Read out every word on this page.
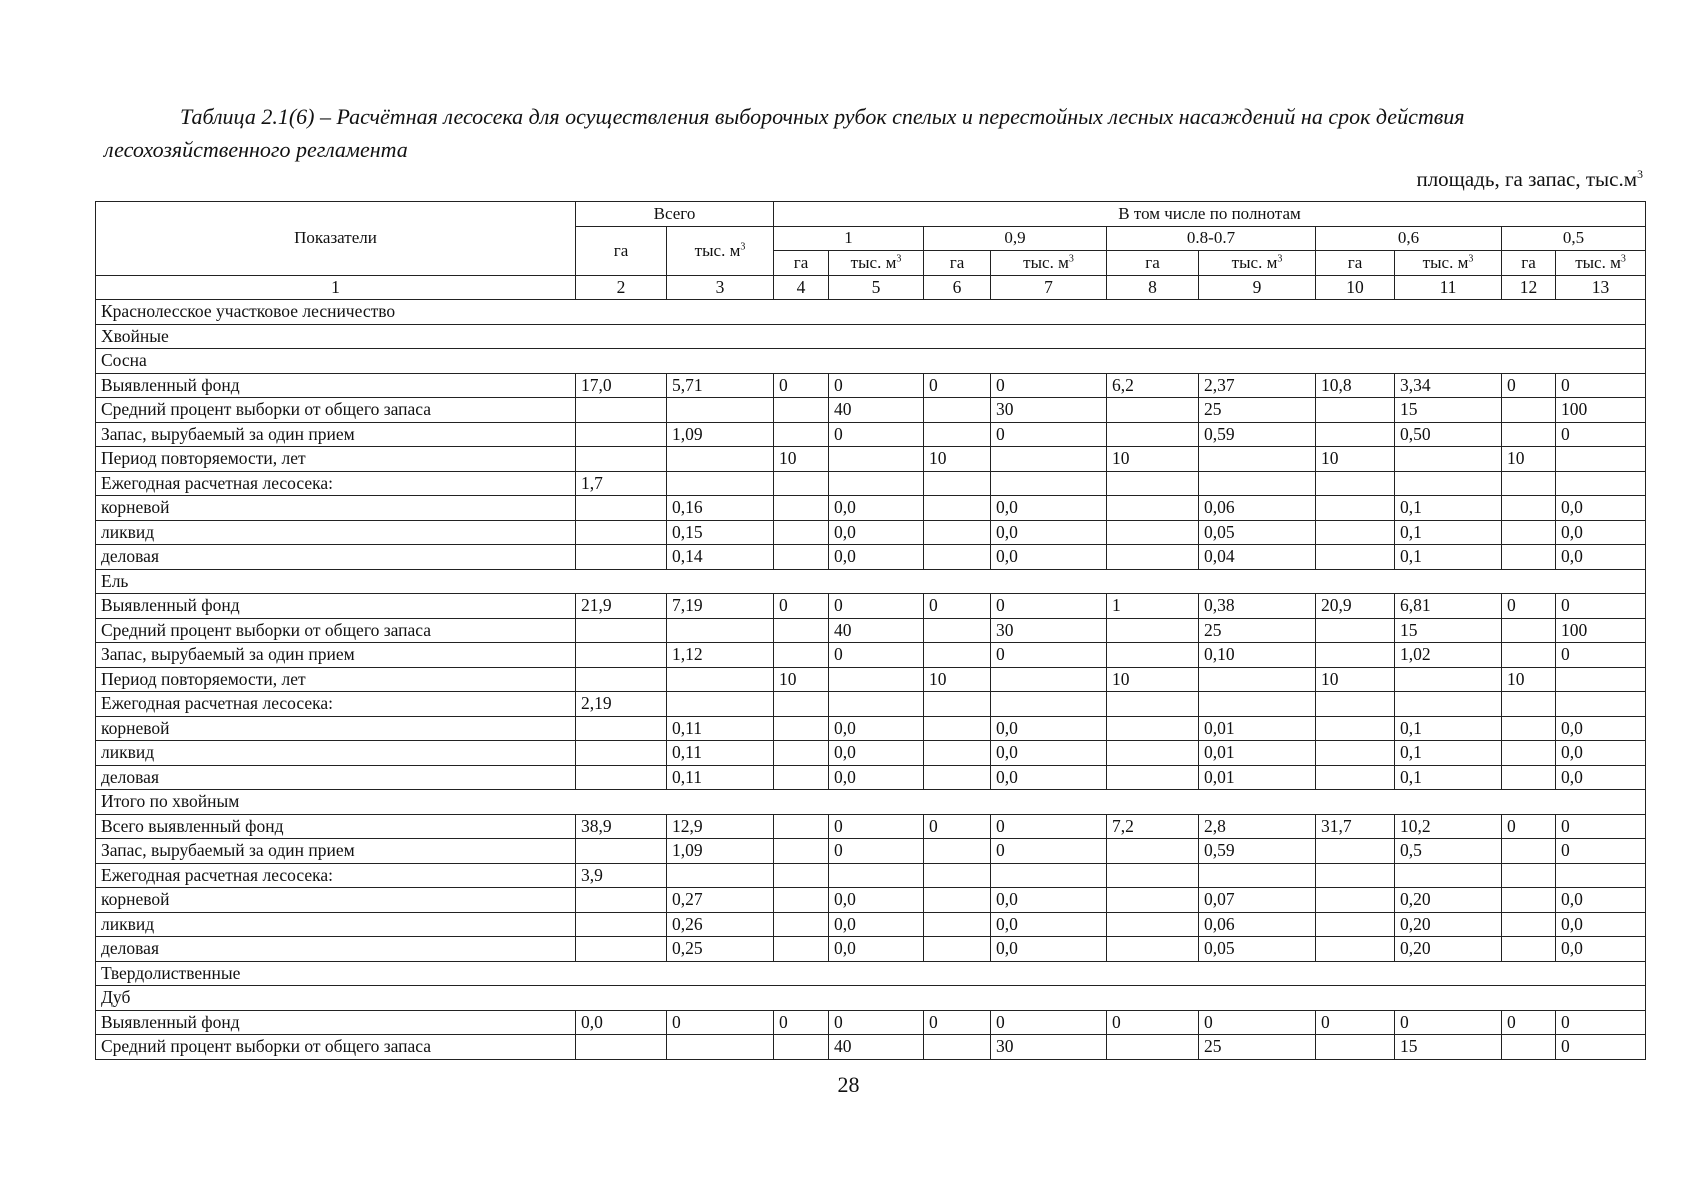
Таблица 2.1(6) – Расчётная лесосека для осуществления выборочных рубок спелых и перестойных лесных насаждений на срок действия
лесохозяйственного регламента
площадь, га запас, $тыс.м^3$
Показатели	Всего		В том числе по полнотам									
	га	тыс. $м^3$	1		0,9		0.8-0.7		0,6		0,5	
			га	тыс. $м^3$	га	тыс. $м^3$	га	тыс. $м^3$	га	тыс. $м^3$	га	тыс. $м^3$
1	2	3	4	5	6	7	8	9	10	11	12	13
Краснолесское участковое лесничество												
Хвойные												
Сосна												
Выявленный фонд	17,0	5,71	0	0	0	0	6,2	2,37	10,8	3,34	0	0
Средний процент выборки от общего запаса				40		30		25		15		100
Запас, вырубаемый за один прием		1,09		0		0		0,59		0,50		0
Период повторяемости, лет			10		10		10		10		10	
Ежегодная расчетная лесосека:	1,7											
корневой		0,16		0,0		0,0		0,06		0,1		0,0
ликвид		0,15		0,0		0,0		0,05		0,1		0,0
деловая		0,14		0,0		0,0		0,04		0,1		0,0
Ель												
Выявленный фонд	21,9	7,19	0	0	0	0	1	0,38	20,9	6,81	0	0
Средний процент выборки от общего запаса				40		30		25		15		100
Запас, вырубаемый за один прием		1,12		0		0		0,10		1,02		0
Период повторяемости, лет			10		10		10		10		10	
Ежегодная расчетная лесосека:	2,19											
корневой		0,11		0,0		0,0		0,01		0,1		0,0
ликвид		0,11		0,0		0,0		0,01		0,1		0,0
деловая		0,11		0,0		0,0		0,01		0,1		0,0
Итого по хвойным												
Всего выявленный фонд	38,9	12,9		0	0	0	7,2	2,8	31,7	10,2	0	0
Запас, вырубаемый за один прием		1,09		0		0		0,59		0,5		0
Ежегодная расчетная лесосека:	3,9											
корневой		0,27		0,0		0,0		0,07		0,20		0,0
ликвид		0,26		0,0		0,0		0,06		0,20		0,0
деловая		0,25		0,0		0,0		0,05		0,20		0,0
Твердолиственные												
Дуб												
Выявленный фонд	0,0	0	0	0	0	0	0	0	0	0	0	0
Средний процент выборки от общего запаса				40		30		25		15		0
28
